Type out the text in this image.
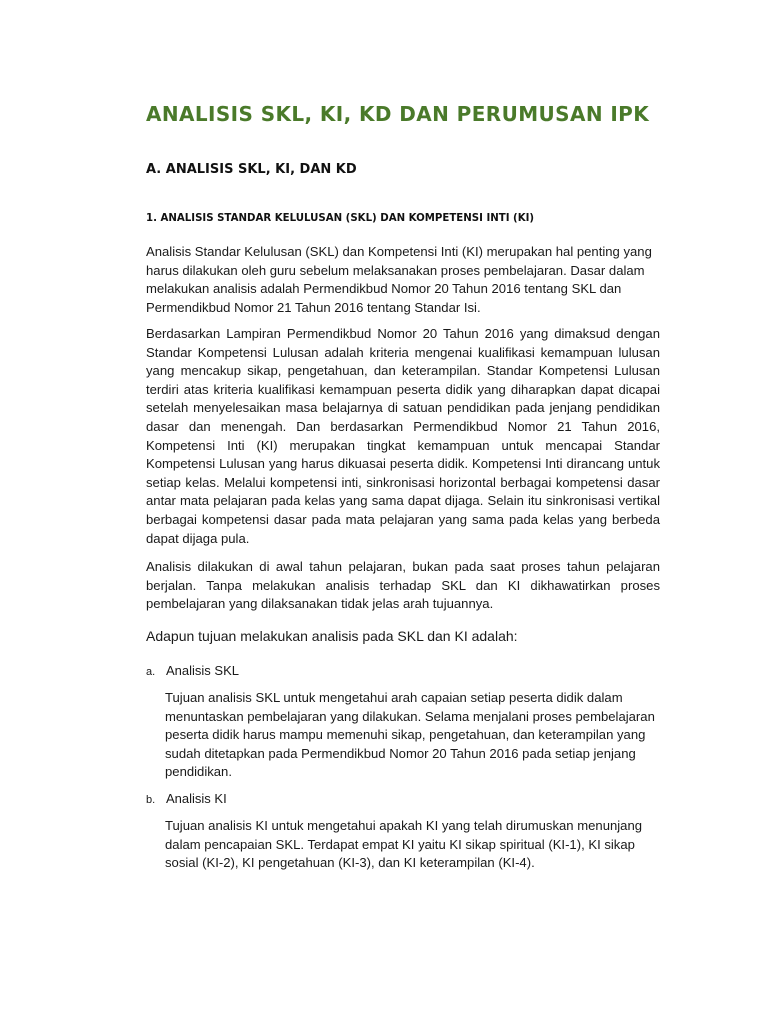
ANALISIS SKL, KI, KD DAN PERUMUSAN IPK
A. ANALISIS SKL, KI, DAN KD
1. ANALISIS STANDAR KELULUSAN (SKL) DAN KOMPETENSI INTI (KI)

Analisis Standar Kelulusan (SKL) dan Kompetensi Inti (KI) merupakan hal penting yang harus dilakukan oleh guru sebelum melaksanakan proses pembelajaran. Dasar dalam melakukan analisis adalah Permendikbud Nomor 20 Tahun 2016 tentang SKL dan Permendikbud Nomor 21 Tahun 2016 tentang Standar Isi.

Berdasarkan Lampiran Permendikbud Nomor 20 Tahun 2016 yang dimaksud dengan Standar Kompetensi Lulusan adalah kriteria mengenai kualifikasi kemampuan lulusan yang mencakup sikap, pengetahuan, dan keterampilan. Standar Kompetensi Lulusan terdiri atas kriteria kualifikasi kemampuan peserta didik yang diharapkan dapat dicapai setelah menyelesaikan masa belajarnya di satuan pendidikan pada jenjang pendidikan dasar dan menengah. Dan berdasarkan Permendikbud Nomor 21 Tahun 2016, Kompetensi Inti (KI) merupakan tingkat kemampuan untuk mencapai Standar Kompetensi Lulusan yang harus dikuasai peserta didik. Kompetensi Inti dirancang untuk setiap kelas. Melalui kompetensi inti, sinkronisasi horizontal berbagai kompetensi dasar antar mata pelajaran pada kelas yang sama dapat dijaga. Selain itu sinkronisasi vertikal berbagai kompetensi dasar pada mata pelajaran yang sama pada kelas yang berbeda dapat dijaga pula.

Analisis dilakukan di awal tahun pelajaran, bukan pada saat proses tahun pelajaran berjalan. Tanpa melakukan analisis terhadap SKL dan KI dikhawatirkan proses pembelajaran yang dilaksanakan tidak jelas arah tujuannya.

Adapun tujuan melakukan analisis pada SKL dan KI adalah:

a. Analisis SKL

Tujuan analisis SKL untuk mengetahui arah capaian setiap peserta didik dalam menuntaskan pembelajaran yang dilakukan. Selama menjalani proses pembelajaran peserta didik harus mampu memenuhi sikap, pengetahuan, dan keterampilan yang sudah ditetapkan pada Permendikbud Nomor 20 Tahun 2016 pada setiap jenjang pendidikan.

b. Analisis KI

Tujuan analisis KI untuk mengetahui apakah KI yang telah dirumuskan menunjang dalam pencapaian SKL. Terdapat empat KI yaitu KI sikap spiritual (KI-1), KI sikap sosial (KI-2), KI pengetahuan (KI-3), dan KI keterampilan (KI-4).
